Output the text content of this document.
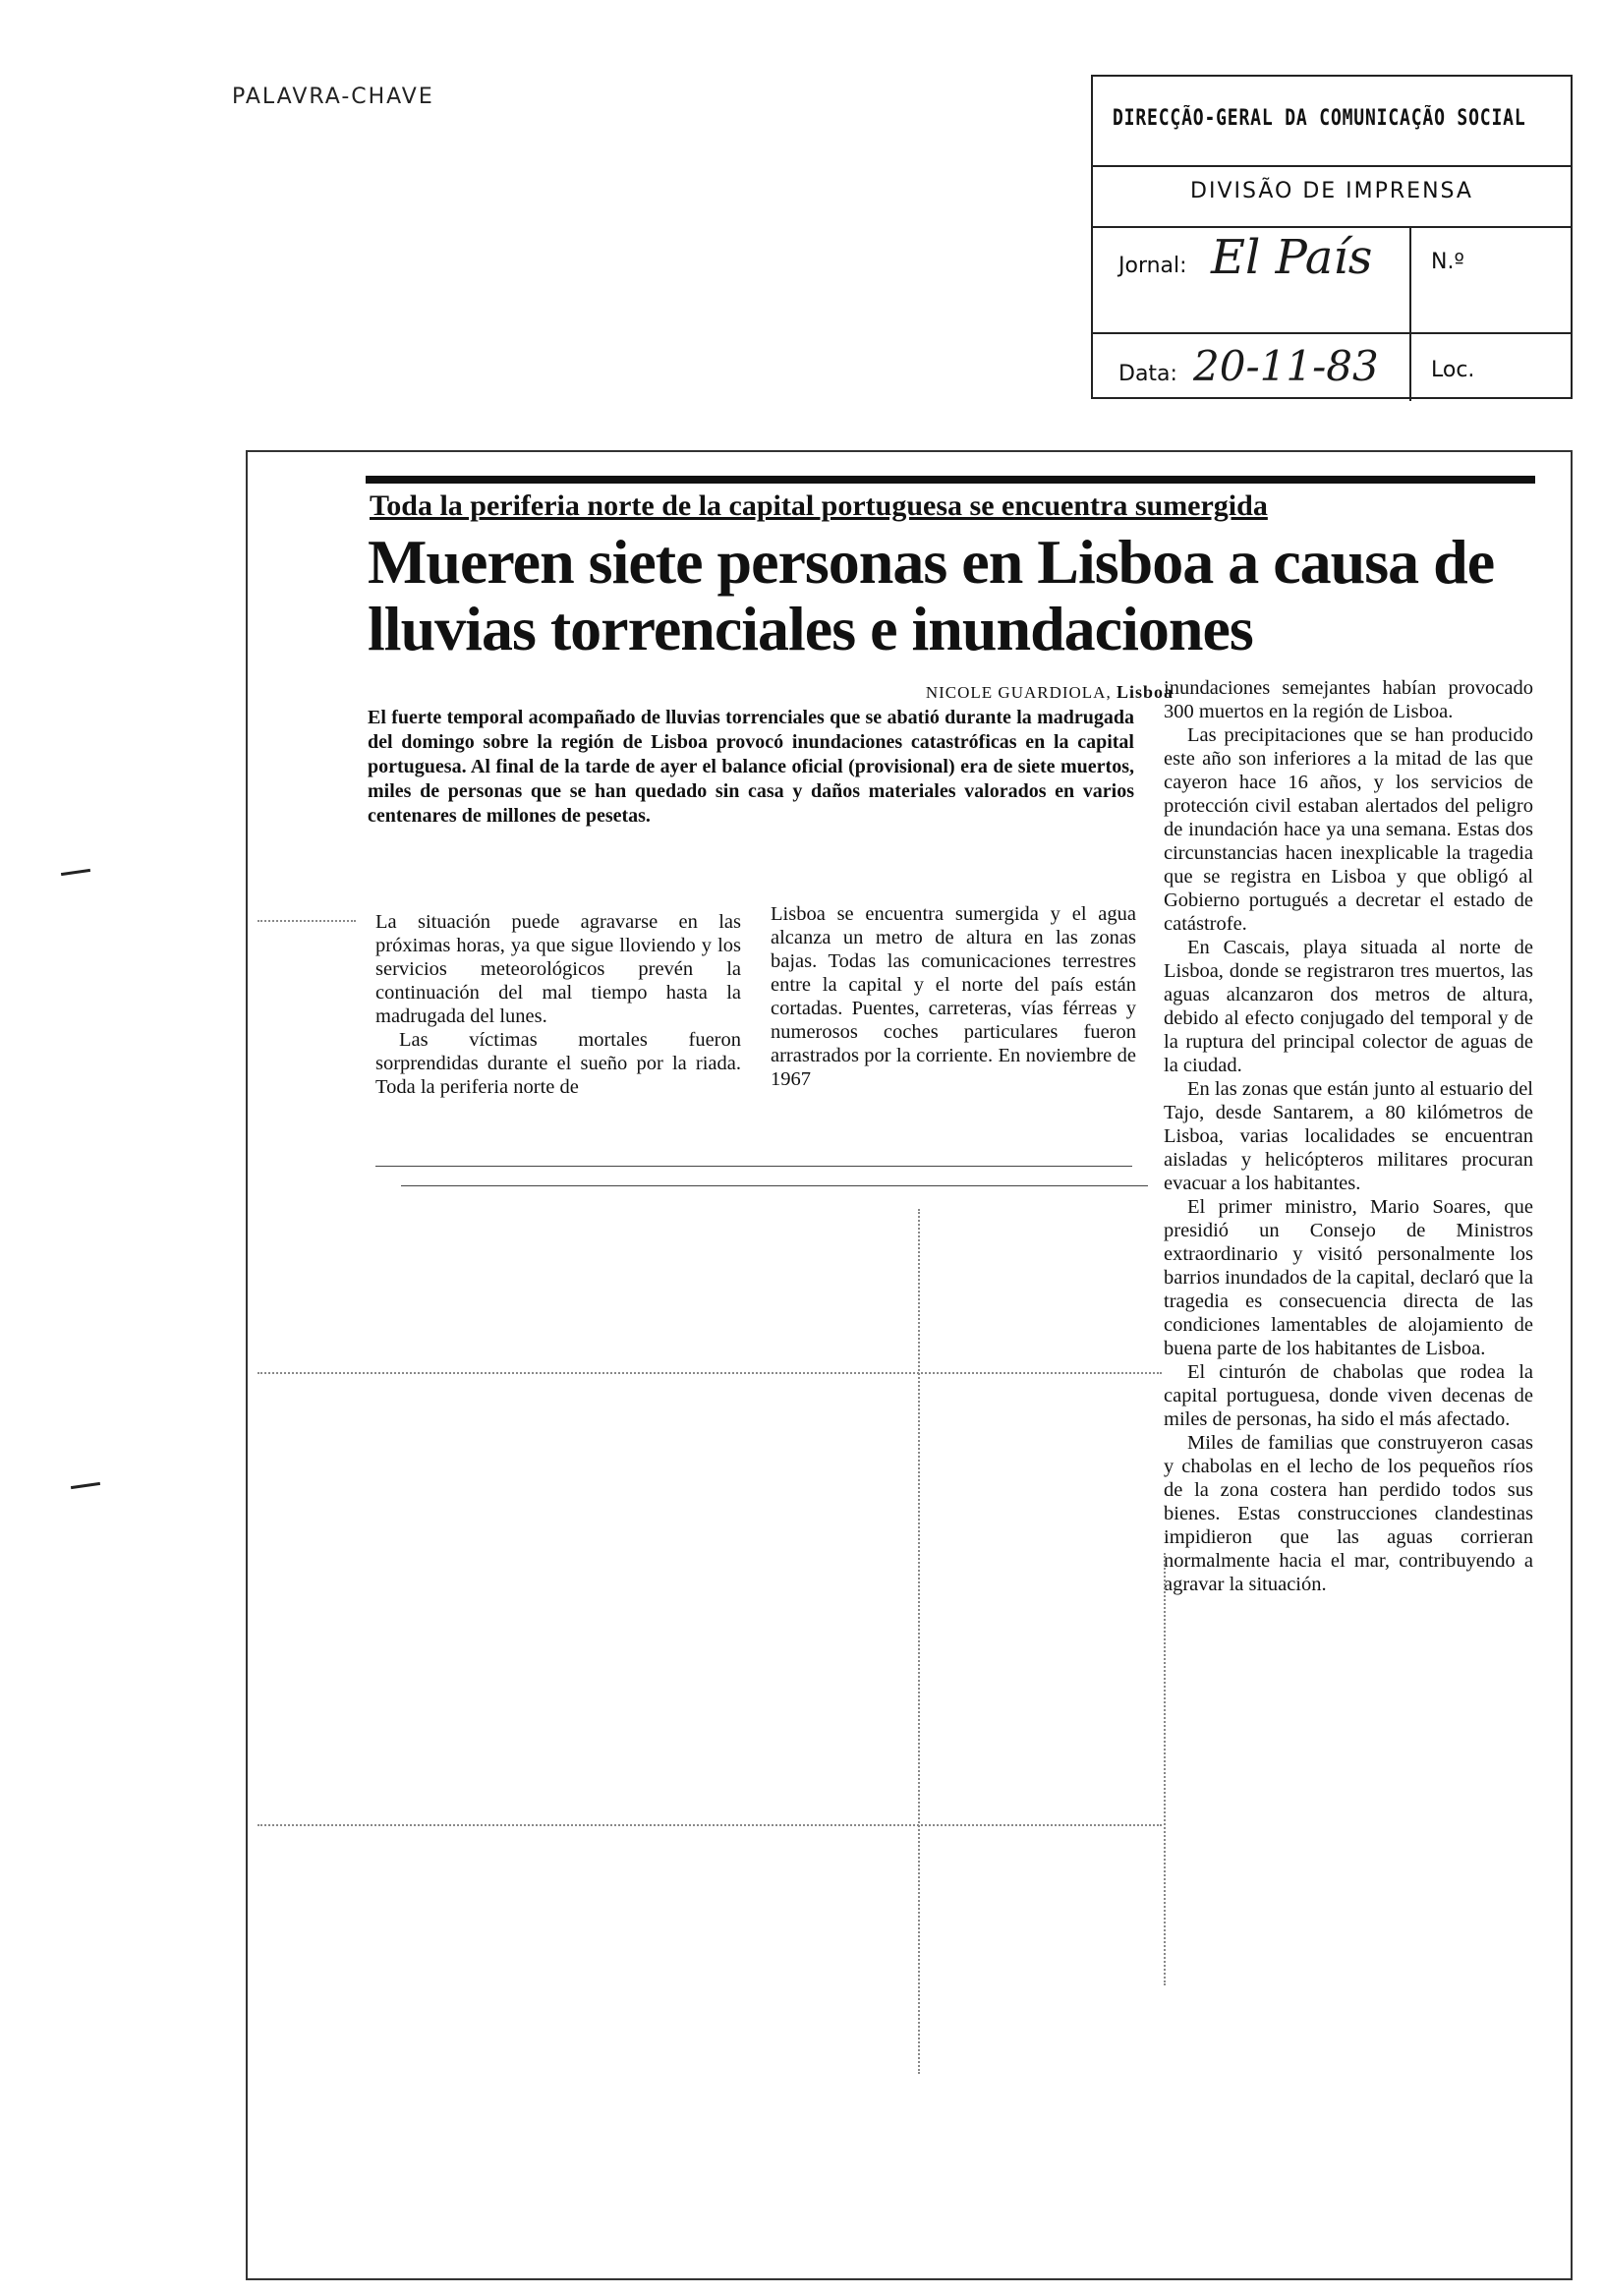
PALAVRA-CHAVE
DIRECÇÃO-GERAL DA COMUNICAÇÃO SOCIAL
DIVISÃO DE IMPRENSA
Jornal: El País	N.º
Data: 20-11-83 Loc.
Toda la periferia norte de la capital portuguesa se encuentra sumergida
Mueren siete personas en Lisboa a causa de lluvias torrenciales e inundaciones
NICOLE GUARDIOLA, Lisboa
El fuerte temporal acompañado de lluvias torrenciales que se abatió durante la madrugada del domingo sobre la región de Lisboa provocó inundaciones catastróficas en la capital portuguesa. Al final de la tarde de ayer el balance oficial (provisional) era de siete muertos, miles de personas que se han quedado sin casa y daños materiales valorados en varios centenares de millones de pesetas.

La situación puede agravarse en las próximas horas, ya que sigue lloviendo y los servicios meteorológicos prevén la continuación del mal tiempo hasta la madrugada del lunes.

Las víctimas mortales fueron sorprendidas durante el sueño por la riada. Toda la periferia norte de

Lisboa se encuentra sumergida y el agua alcanza un metro de altura en las zonas bajas. Todas las comunicaciones terrestres entre la capital y el norte del país están cortadas. Puentes, carreteras, vías férreas y numerosos coches particulares fueron arrastrados por la corriente. En noviembre de 1967

inundaciones semejantes habían provocado 300 muertos en la región de Lisboa.

Las precipitaciones que se han producido este año son inferiores a la mitad de las que cayeron hace 16 años, y los servicios de protección civil estaban alertados del peligro de inundación hace ya una semana. Estas dos circunstancias hacen inexplicable la tragedia que se registra en Lisboa y que obligó al Gobierno portugués a decretar el estado de catástrofe.

En Cascais, playa situada al norte de Lisboa, donde se registraron tres muertos, las aguas alcanzaron dos metros de altura, debido al efecto conjugado del temporal y de la ruptura del principal colector de aguas de la ciudad.

En las zonas que están junto al estuario del Tajo, desde Santarem, a 80 kilómetros de Lisboa, varias localidades se encuentran aisladas y helicópteros militares procuran evacuar a los habitantes.

El primer ministro, Mario Soares, que presidió un Consejo de Ministros extraordinario y visitó personalmente los barrios inundados de la capital, declaró que la tragedia es consecuencia directa de las condiciones lamentables de alojamiento de buena parte de los habitantes de Lisboa.

El cinturón de chabolas que rodea la capital portuguesa, donde viven decenas de miles de personas, ha sido el más afectado.

Miles de familias que construyeron casas y chabolas en el lecho de los pequeños ríos de la zona costera han perdido todos sus bienes. Estas construcciones clandestinas impidieron que las aguas corrieran normalmente hacia el mar, contribuyendo a agravar la situación.
